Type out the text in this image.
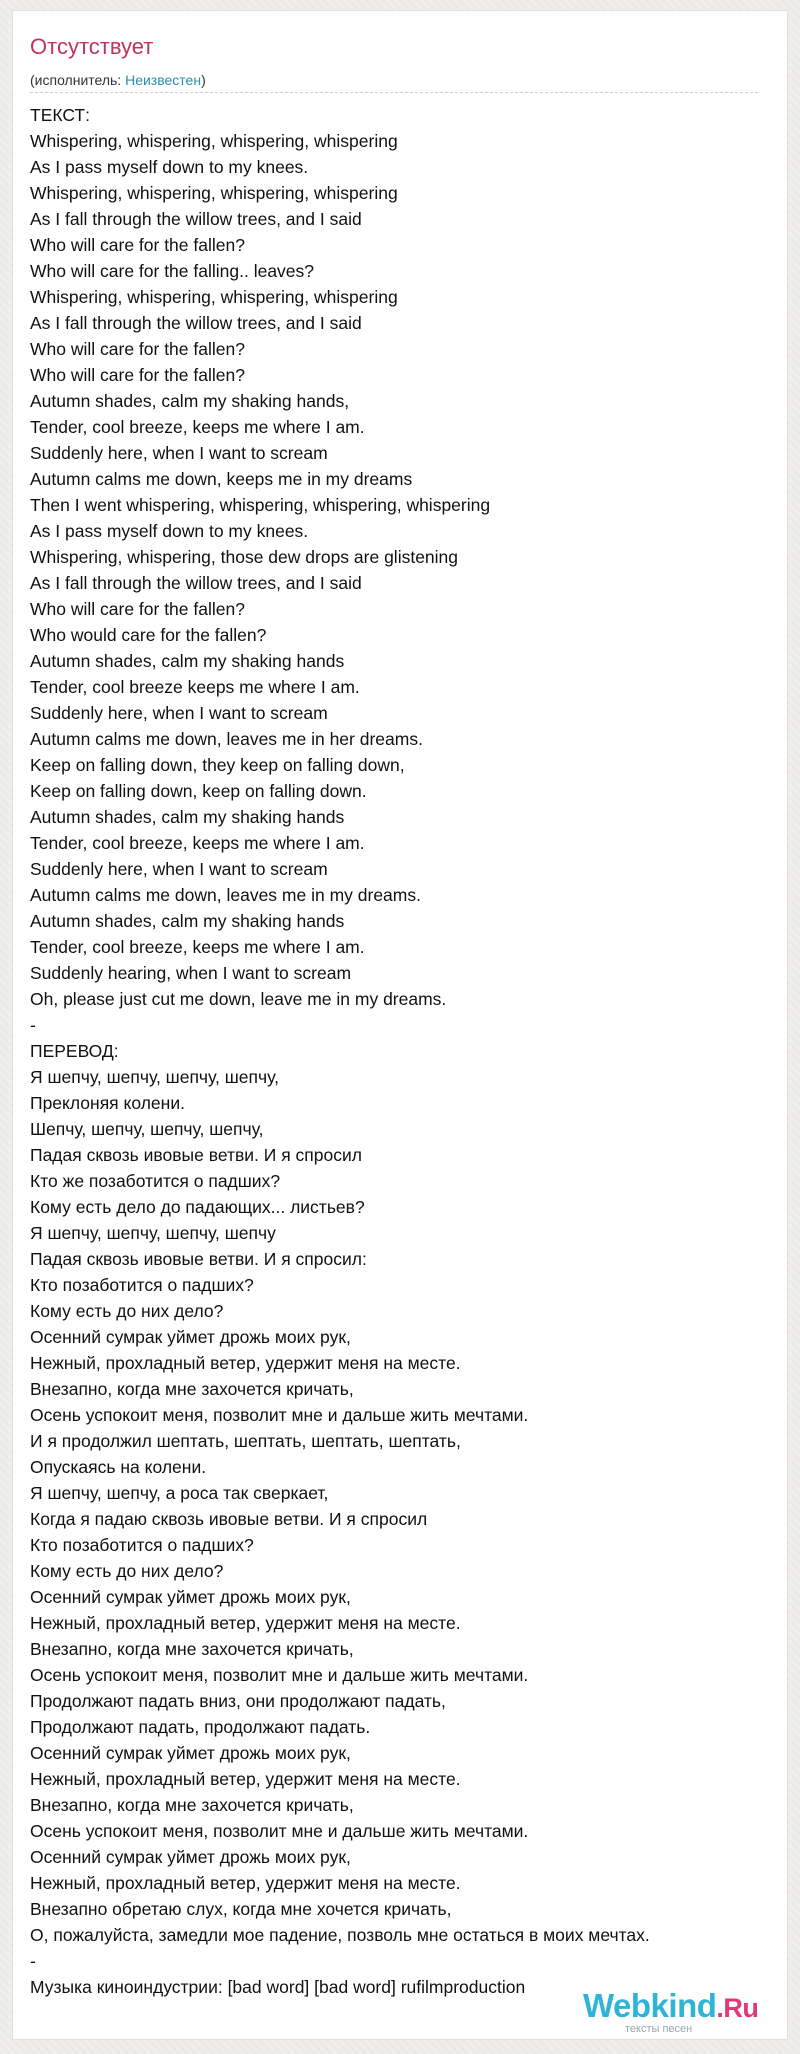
Отсутствует
(исполнитель: Неизвестен)
ТЕКСТ:
Whispering, whispering, whispering, whispering
As I pass myself down to my knees.
Whispering, whispering, whispering, whispering
As I fall through the willow trees, and I said
Who will care for the fallen?
Who will care for the falling.. leaves?
Whispering, whispering, whispering, whispering
As I fall through the willow trees, and I said
Who will care for the fallen?
Who will care for the fallen?
Autumn shades, calm my shaking hands,
Tender, cool breeze, keeps me where I am.
Suddenly here, when I want to scream
Autumn calms me down, keeps me in my dreams
Then I went whispering, whispering, whispering, whispering
As I pass myself down to my knees.
Whispering, whispering, those dew drops are glistening
As I fall through the willow trees, and I said
Who will care for the fallen?
Who would care for the fallen?
Autumn shades, calm my shaking hands
Tender, cool breeze keeps me where I am.
Suddenly here, when I want to scream
Autumn calms me down, leaves me in her dreams.
Keep on falling down, they keep on falling down,
Keep on falling down, keep on falling down.
Autumn shades, calm my shaking hands
Tender, cool breeze, keeps me where I am.
Suddenly here, when I want to scream
Autumn calms me down, leaves me in my dreams.
Autumn shades, calm my shaking hands
Tender, cool breeze, keeps me where I am.
Suddenly hearing, when I want to scream
Oh, please just cut me down, leave me in my dreams.
-
ПЕРЕВОД:
Я шепчу, шепчу, шепчу, шепчу,
Преклоняя колени.
Шепчу, шепчу, шепчу, шепчу,
Падая сквозь ивовые ветви. И я спросил
Кто же позаботится о падших?
Кому есть дело до падающих... листьев?
Я шепчу, шепчу, шепчу, шепчу
Падая сквозь ивовые ветви. И я спросил:
Кто позаботится о падших?
Кому есть до них дело?
Осенний сумрак уймет дрожь моих рук,
Нежный, прохладный ветер, удержит меня на месте.
Внезапно, когда мне захочется кричать,
Осень успокоит меня, позволит мне и дальше жить мечтами.
И я продолжил шептать, шептать, шептать, шептать,
Опускаясь на колени.
Я шепчу, шепчу, а роса так сверкает,
Когда я падаю сквозь ивовые ветви. И я спросил
Кто позаботится о падших?
Кому есть до них дело?
Осенний сумрак уймет дрожь моих рук,
Нежный, прохладный ветер, удержит меня на месте.
Внезапно, когда мне захочется кричать,
Осень успокоит меня, позволит мне и дальше жить мечтами.
Продолжают падать вниз, они продолжают падать,
Продолжают падать, продолжают падать.
Осенний сумрак уймет дрожь моих рук,
Нежный, прохладный ветер, удержит меня на месте.
Внезапно, когда мне захочется кричать,
Осень успокоит меня, позволит мне и дальше жить мечтами.
Осенний сумрак уймет дрожь моих рук,
Нежный, прохладный ветер, удержит меня на месте.
Внезапно обретаю слух, когда мне хочется кричать,
О, пожалуйста, замедли мое падение, позволь мне остаться в моих мечтах.
-
Музыка киноиндустрии: [bad word] [bad word] rufilmproduction	Webkind.Ru
тексты песен
